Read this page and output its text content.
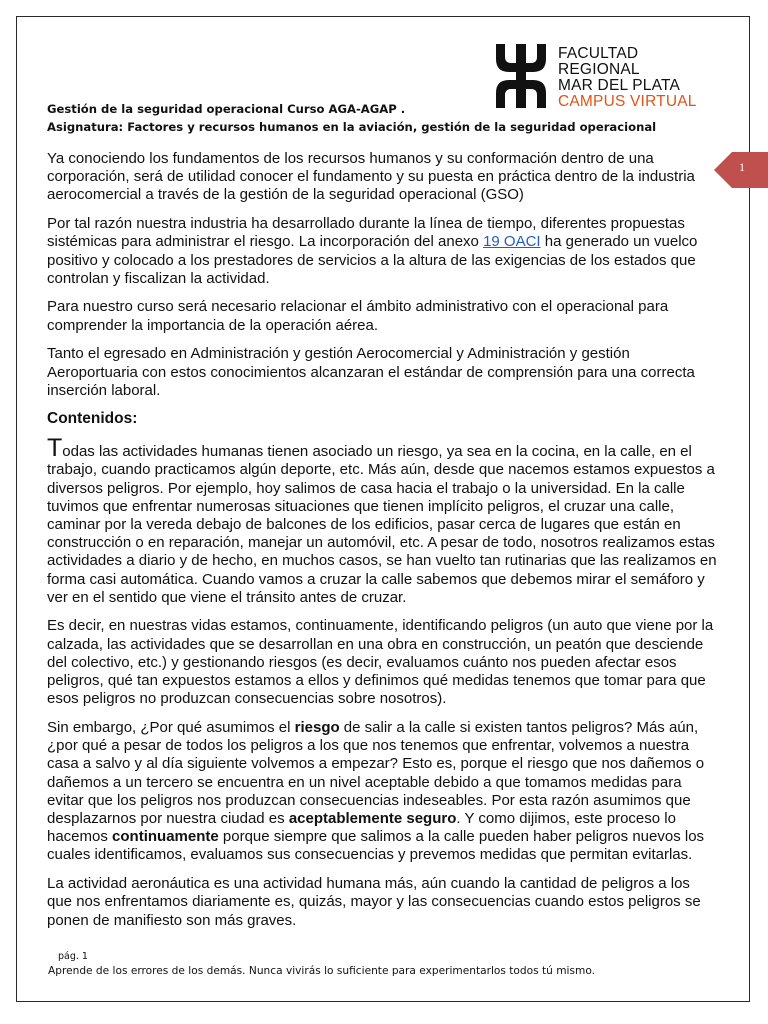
FACULTAD
REGIONAL
MAR DEL PLATA
CAMPUS VIRTUAL
Gestión de la seguridad operacional Curso AGA-AGAP .
Asignatura: Factores y recursos humanos en la aviación, gestión de la seguridad operacional
1

Ya conociendo los fundamentos de los recursos humanos y su conformación dentro de una corporación, será de utilidad conocer el fundamento y su puesta en práctica dentro de la industria aerocomercial a través de la gestión de la seguridad operacional (GSO)

Por tal razón nuestra industria ha desarrollado durante la línea de tiempo, diferentes propuestas sistémicas para administrar el riesgo. La incorporación del anexo 19 OACI ha generado un vuelco positivo y colocado a los prestadores de servicios a la altura de las exigencias de los estados que controlan y fiscalizan la actividad.

Para nuestro curso será necesario relacionar el ámbito administrativo con el operacional para comprender la importancia de la operación aérea.

Tanto el egresado en Administración y gestión Aerocomercial y Administración y gestión Aeroportuaria con estos conocimientos alcanzaran el estándar de comprensión para una correcta inserción laboral.

Contenidos:

Todas las actividades humanas tienen asociado un riesgo, ya sea en la cocina, en la calle, en el trabajo, cuando practicamos algún deporte, etc. Más aún, desde que nacemos estamos expuestos a diversos peligros. Por ejemplo, hoy salimos de casa hacia el trabajo o la universidad. En la calle tuvimos que enfrentar numerosas situaciones que tienen implícito peligros, el cruzar una calle, caminar por la vereda debajo de balcones de los edificios, pasar cerca de lugares que están en construcción o en reparación, manejar un automóvil, etc. A pesar de todo, nosotros realizamos estas actividades a diario y de hecho, en muchos casos, se han vuelto tan rutinarias que las realizamos en forma casi automática. Cuando vamos a cruzar la calle sabemos que debemos mirar el semáforo y ver en el sentido que viene el tránsito antes de cruzar.

Es decir, en nuestras vidas estamos, continuamente, identificando peligros (un auto que viene por la calzada, las actividades que se desarrollan en una obra en construcción, un peatón que desciende del colectivo, etc.) y gestionando riesgos (es decir, evaluamos cuánto nos pueden afectar esos peligros, qué tan expuestos estamos a ellos y definimos qué medidas tenemos que tomar para que esos peligros no produzcan consecuencias sobre nosotros).

Sin embargo, ¿Por qué asumimos el riesgo de salir a la calle si existen tantos peligros? Más aún, ¿por qué a pesar de todos los peligros a los que nos tenemos que enfrentar, volvemos a nuestra casa a salvo y al día siguiente volvemos a empezar? Esto es, porque el riesgo que nos dañemos o dañemos a un tercero se encuentra en un nivel aceptable debido a que tomamos medidas para evitar que los peligros nos produzcan consecuencias indeseables. Por esta razón asumimos que desplazarnos por nuestra ciudad es aceptablemente seguro. Y como dijimos, este proceso lo hacemos continuamente porque siempre que salimos a la calle pueden haber peligros nuevos los cuales identificamos, evaluamos sus consecuencias y prevemos medidas que permitan evitarlas.

La actividad aeronáutica es una actividad humana más, aún cuando la cantidad de peligros a los que nos enfrentamos diariamente es, quizás, mayor y las consecuencias cuando estos peligros se ponen de manifiesto son más graves.

pág. 1
Aprende de los errores de los demás. Nunca vivirás lo suficiente para experimentarlos todos tú mismo.
